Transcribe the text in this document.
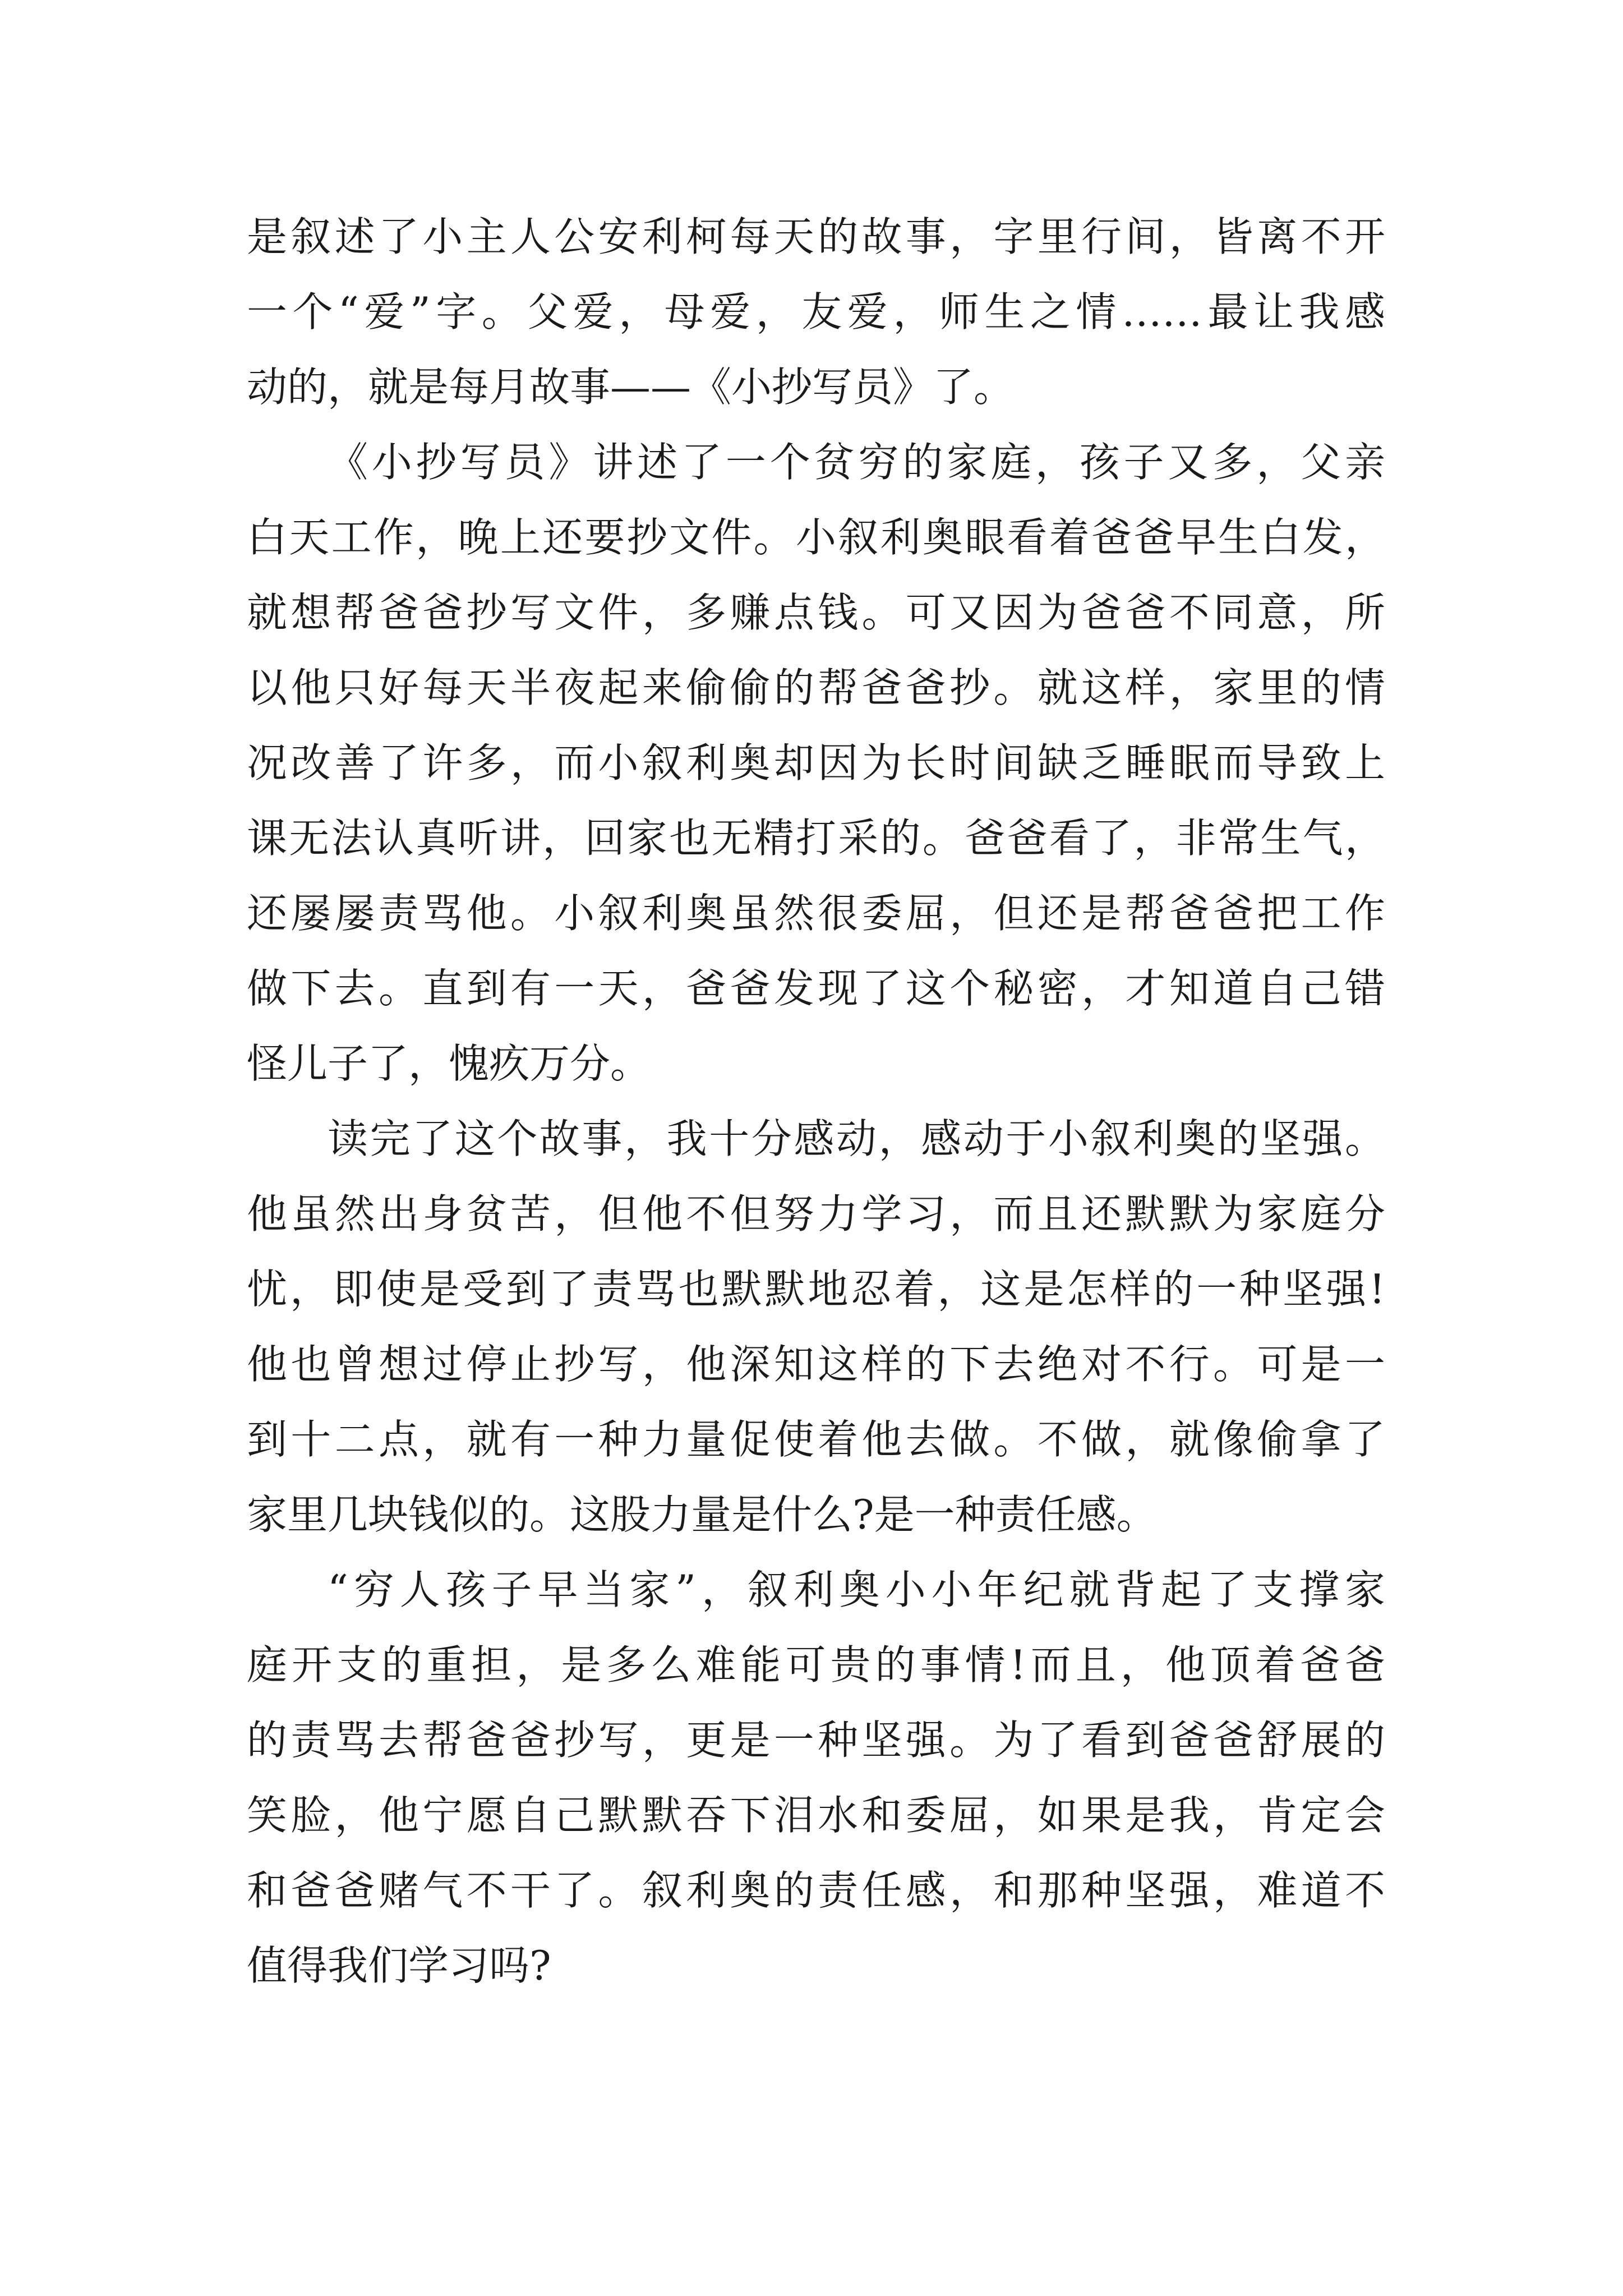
是叙述了小主人公安利柯每天的故事，字里行间，皆离不开
一个“爱”字。父爱，母爱，友爱，师生之情……最让我感
动的，就是每月故事——《小抄写员》了。
《小抄写员》讲述了一个贫穷的家庭，孩子又多，父亲
白天工作，晚上还要抄文件。小叙利奥眼看着爸爸早生白发，
就想帮爸爸抄写文件，多赚点钱。可又因为爸爸不同意，所
以他只好每天半夜起来偷偷的帮爸爸抄。就这样，家里的情
况改善了许多，而小叙利奥却因为长时间缺乏睡眠而导致上
课无法认真听讲，回家也无精打采的。爸爸看了，非常生气，
还屡屡责骂他。小叙利奥虽然很委屈，但还是帮爸爸把工作
做下去。直到有一天，爸爸发现了这个秘密，才知道自己错
怪儿子了，愧疚万分。
读完了这个故事，我十分感动，感动于小叙利奥的坚强。
他虽然出身贫苦，但他不但努力学习，而且还默默为家庭分
忧，即使是受到了责骂也默默地忍着，这是怎样的一种坚强!
他也曾想过停止抄写，他深知这样的下去绝对不行。可是一
到十二点，就有一种力量促使着他去做。不做，就像偷拿了
家里几块钱似的。这股力量是什么?是一种责任感。
“穷人孩子早当家”，叙利奥小小年纪就背起了支撑家
庭开支的重担，是多么难能可贵的事情!而且，他顶着爸爸
的责骂去帮爸爸抄写，更是一种坚强。为了看到爸爸舒展的
笑脸，他宁愿自己默默吞下泪水和委屈，如果是我，肯定会
和爸爸赌气不干了。叙利奥的责任感，和那种坚强，难道不
值得我们学习吗?
